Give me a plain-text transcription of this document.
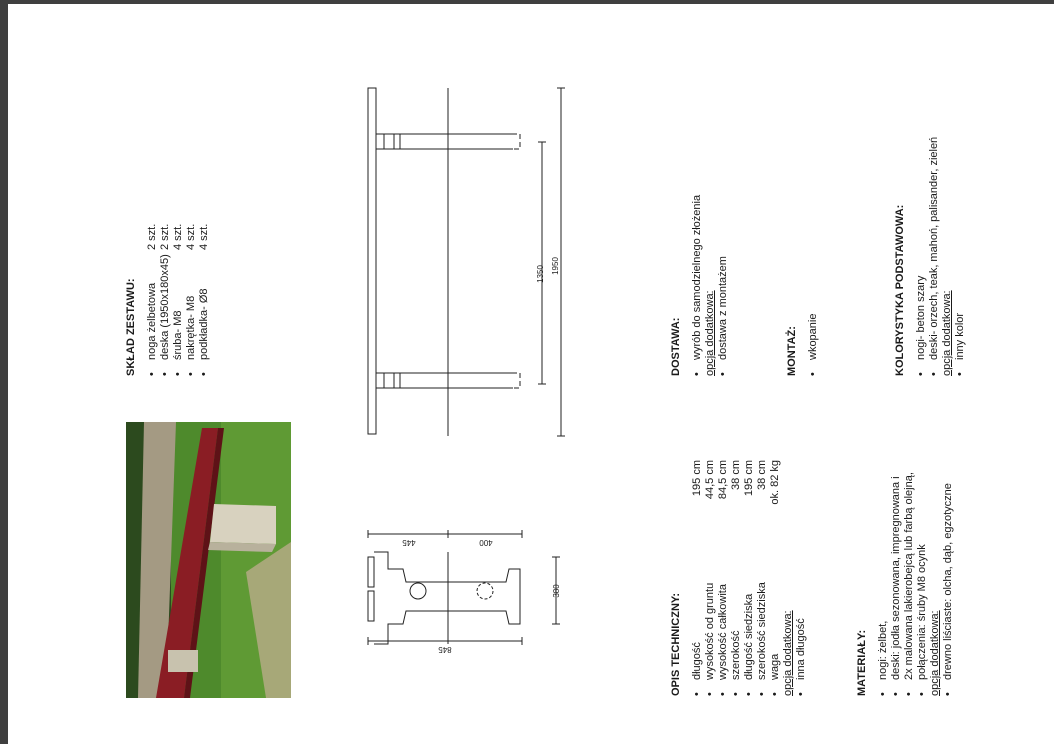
SKŁAD ZESTAWU: • noga żelbetowa
2 szt.
• deska (1950x180x45)
2 szt.
• śruba- M8
4 szt.
• nakrętka- M8
4 szt.
• podkładka- Ø8
4 szt.
1350 1950
380
445	400
845
DOSTAWA: • wyrób do samodzielnego złożenia opcja dodatkowa: • dostawa z montażem	MONTAŻ: • wkopanie	KOLORYSTYKA PODSTAWOWA: • nogi- beton szary • deski- orzech, teak, mahoń, palisander, zieleń opcja dodatkowa: • inny kolor
OPIS TECHNICZNY: • długość
195 cm
• wysokość od gruntu
44,5 cm
• wysokość całkowita
84,5 cm
• szerokość
38 cm
• długość siedziska
195 cm
• szerokość siedziska
38 cm
• waga
ok. 82 kg
opcja dodatkowa: • inna długość	MATERIAŁY: • nogi: żelbet, • deski: jodła sezonowana, impregnowana i • 2x malowana lakierobejcą lub farbą olejną, • połączenia: śruby M8 ocynk opcja dodatkowa: • drewno liściaste: olcha, dąb, egzotyczne
